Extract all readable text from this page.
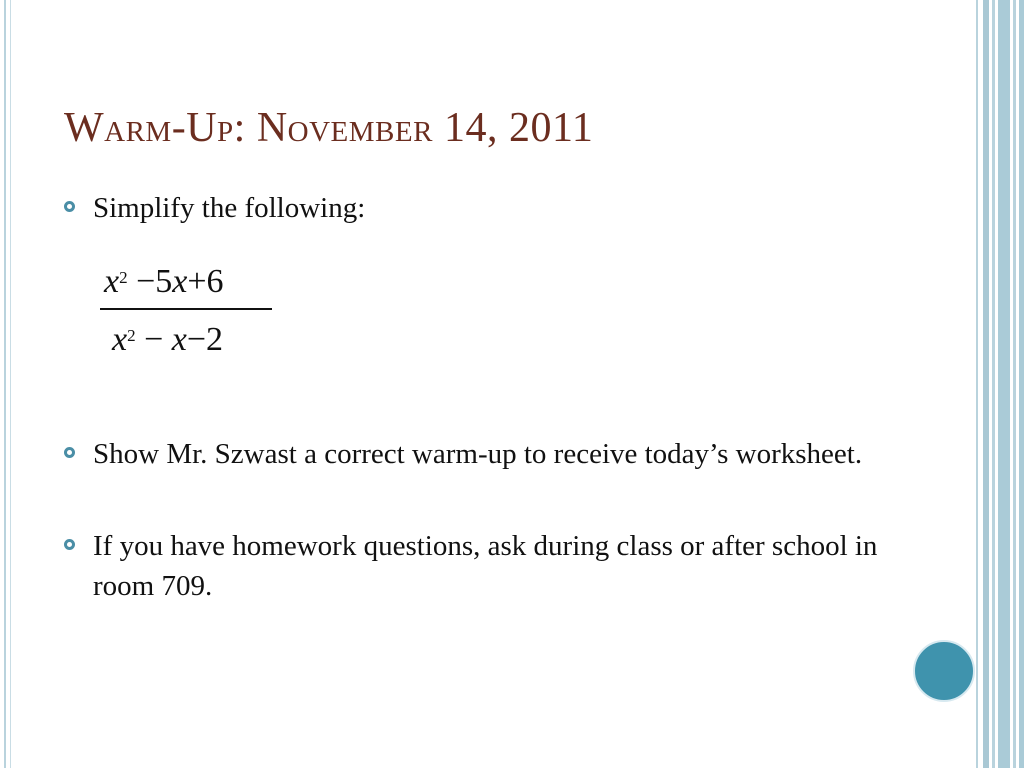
Warm-Up: November 14, 2011
Simplify the following:
$x^2 -5x+6$
$x^2 - x-2$
Show Mr. Szwast a correct warm-up to receive today’s worksheet.
If you have homework questions, ask during class or after school in room 709.
